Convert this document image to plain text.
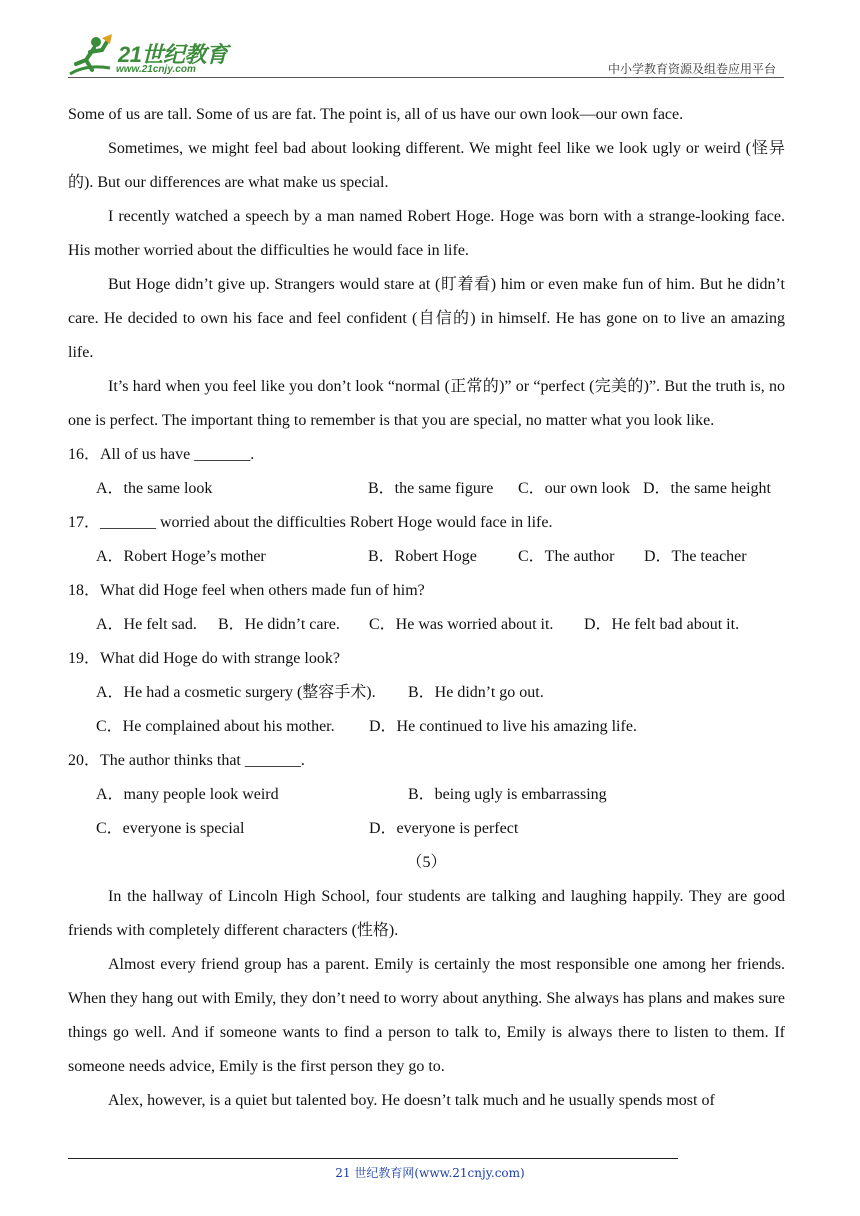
21世纪教育
www.21cnjy.com	中小学教育资源及组卷应用平台

Some of us are tall. Some of us are fat. The point is, all of us have our own look—our own face.

Sometimes, we might feel bad about looking different. We might feel like we look ugly or weird (怪异的). But our differences are what make us special.

I recently watched a speech by a man named Robert Hoge. Hoge was born with a strange-looking face. His mother worried about the difficulties he would face in life.

But Hoge didn’t give up. Strangers would stare at (盯着看) him or even make fun of him. But he didn’t care. He decided to own his face and feel confident (自信的) in himself. He has gone on to live an amazing life.

It’s hard when you feel like you don’t look “normal (正常的)” or “perfect (完美的)”. But the truth is, no one is perfect. The important thing to remember is that you are special, no matter what you look like.

16．All of us have _______.

A．the same look	B．the same figure C．our own look D．the same height

17．_______ worried about the difficulties Robert Hoge would face in life.

A．Robert Hoge’s mother	B．Robert Hoge	C．The author D．The teacher

18．What did Hoge feel when others made fun of him?

A．He felt sad. B．He didn’t care. C．He was worried about it. D．He felt bad about it.

19．What did Hoge do with strange look?

A．He had a cosmetic surgery (整容手术). B．He didn’t go out.
C．He complained about his mother. D．He continued to live his amazing life.

20．The author thinks that _______.

A．many people look weird	B．being ugly is embarrassing
C．everyone is special	D．everyone is perfect

（5）

In the hallway of Lincoln High School, four students are talking and laughing happily. They are good friends with completely different characters (性格).

Almost every friend group has a parent. Emily is certainly the most responsible one among her friends. When they hang out with Emily, they don’t need to worry about anything. She always has plans and makes sure things go well. And if someone wants to find a person to talk to, Emily is always there to listen to them. If someone needs advice, Emily is the first person they go to.

Alex, however, is a quiet but talented boy. He doesn’t talk much and he usually spends most of

21 世纪教育网(www.21cnjy.com)
